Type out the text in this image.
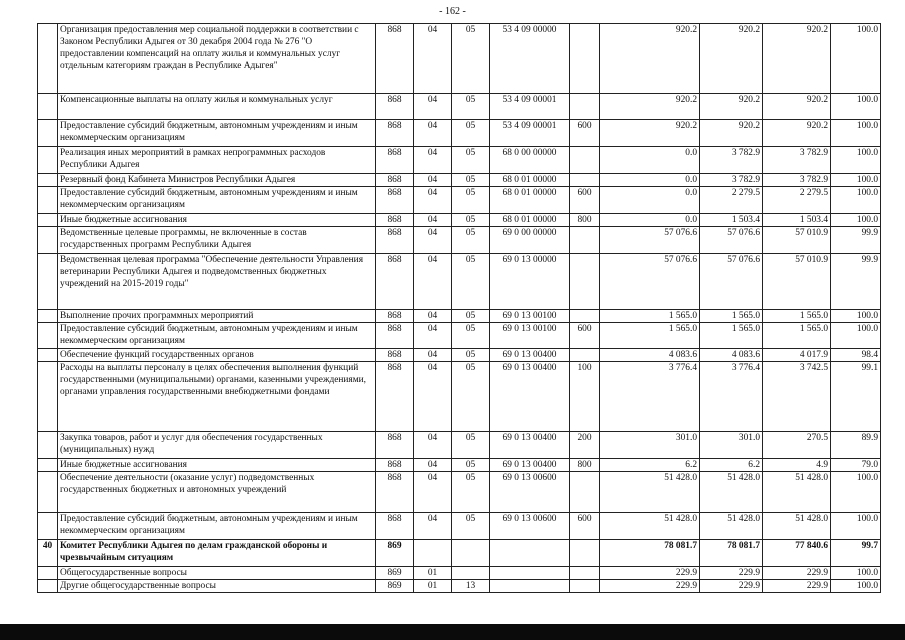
- 162 -
	Организация предоставления мер социальной поддержки в соответствии с Законом Республики Адыгея от 30 декабря 2004 года № 276 "О предоставлении компенсаций на оплату жилья и коммунальных услуг отдельным категориям граждан в Республике Адыгея"	868	04	05	53 4 09 00000		920.2	920.2	920.2	100.0
	Компенсационные выплаты на оплату жилья и коммунальных услуг	868	04	05	53 4 09 00001		920.2	920.2	920.2	100.0
	Предоставление субсидий бюджетным, автономным учреждениям и иным некоммерческим организациям	868	04	05	53 4 09 00001	600	920.2	920.2	920.2	100.0
	Реализация иных мероприятий в рамках непрограммных расходов Республики Адыгея	868	04	05	68 0 00 00000		0.0	3 782.9	3 782.9	100.0
	Резервный фонд Кабинета Министров Республики Адыгея	868	04	05	68 0 01 00000		0.0	3 782.9	3 782.9	100.0
	Предоставление субсидий бюджетным, автономным учреждениям и иным некоммерческим организациям	868	04	05	68 0 01 00000	600	0.0	2 279.5	2 279.5	100.0
	Иные бюджетные ассигнования	868	04	05	68 0 01 00000	800	0.0	1 503.4	1 503.4	100.0
	Ведомственные целевые программы, не включенные в состав государственных программ Республики Адыгея	868	04	05	69 0 00 00000		57 076.6	57 076.6	57 010.9	99.9
	Ведомственная целевая программа "Обеспечение деятельности Управления ветеринарии Республики Адыгея и подведомственных бюджетных учреждений на 2015-2019 годы"	868	04	05	69 0 13 00000		57 076.6	57 076.6	57 010.9	99.9
	Выполнение прочих программных мероприятий	868	04	05	69 0 13 00100		1 565.0	1 565.0	1 565.0	100.0
	Предоставление субсидий бюджетным, автономным учреждениям и иным некоммерческим организациям	868	04	05	69 0 13 00100	600	1 565.0	1 565.0	1 565.0	100.0
	Обеспечение функций государственных органов	868	04	05	69 0 13 00400		4 083.6	4 083.6	4 017.9	98.4
	Расходы на выплаты персоналу в целях обеспечения выполнения функций государственными (муниципальными) органами, казенными учреждениями, органами управления государственными внебюджетными фондами	868	04	05	69 0 13 00400	100	3 776.4	3 776.4	3 742.5	99.1
	Закупка товаров, работ и услуг для обеспечения государственных (муниципальных) нужд	868	04	05	69 0 13 00400	200	301.0	301.0	270.5	89.9
	Иные бюджетные ассигнования	868	04	05	69 0 13 00400	800	6.2	6.2	4.9	79.0
	Обеспечение деятельности (оказание услуг) подведомственных государственных бюджетных и автономных учреждений	868	04	05	69 0 13 00600		51 428.0	51 428.0	51 428.0	100.0
	Предоставление субсидий бюджетным, автономным учреждениям и иным некоммерческим организациям	868	04	05	69 0 13 00600	600	51 428.0	51 428.0	51 428.0	100.0
40	Комитет Республики Адыгея по делам гражданской обороны и чрезвычайным ситуациям	869					78 081.7	78 081.7	77 840.6	99.7
	Общегосударственные вопросы	869	01				229.9	229.9	229.9	100.0
	Другие общегосударственные вопросы	869	01	13			229.9	229.9	229.9	100.0
